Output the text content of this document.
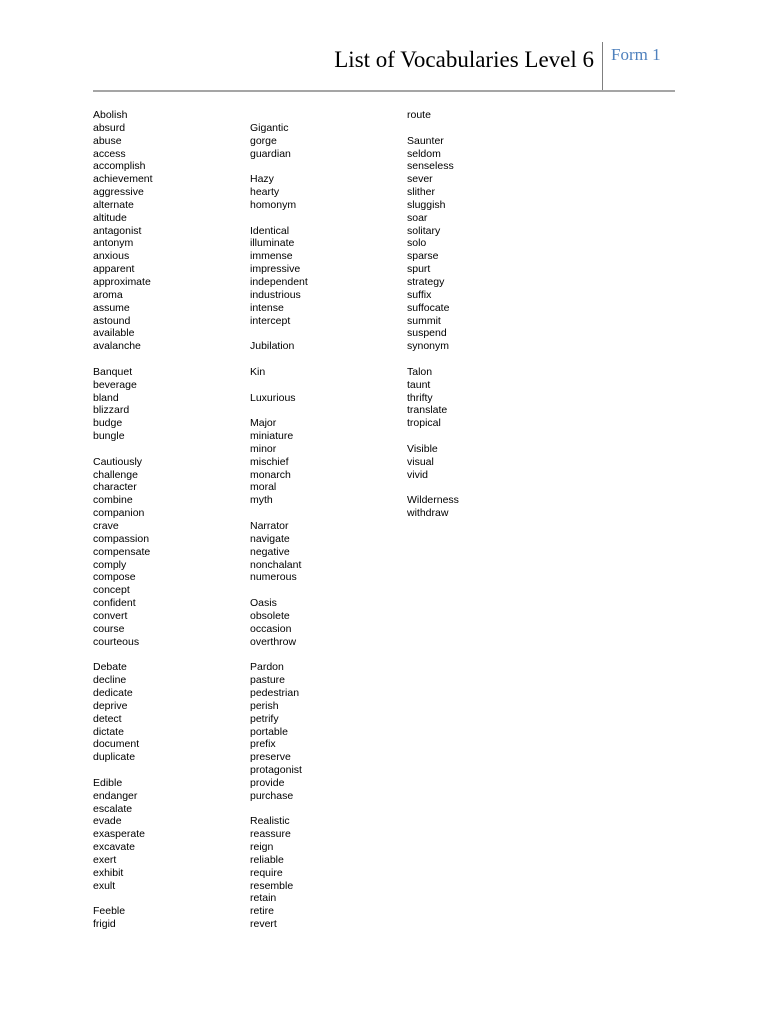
List of Vocabularies Level 6 Form 1
Abolish
absurd
abuse
access
accomplish
achievement
aggressive
alternate
altitude
antagonist
antonym
anxious
apparent
approximate
aroma
assume
astound
available
avalanche
Banquet
beverage
bland
blizzard
budge
bungle
Cautiously
challenge
character
combine
companion
crave
compassion
compensate
comply
compose
concept
confident
convert
course
courteous
Debate
decline
dedicate
deprive
detect
dictate
document
duplicate
Edible
endanger
escalate
evade
exasperate
excavate
exert
exhibit
exult
Feeble
frigid
Gigantic
gorge
guardian
Hazy
hearty
homonym
Identical
illuminate
immense
impressive
independent
industrious
intense
intercept
Jubilation
Kin
Luxurious
Major
miniature
minor
mischief
monarch
moral
myth
Narrator
navigate
negative
nonchalant
numerous
Oasis
obsolete
occasion
overthrow
Pardon
pasture
pedestrian
perish
petrify
portable
prefix
preserve
protagonist
provide
purchase
Realistic
reassure
reign
reliable
require
resemble
retain
retire
revert
route
Saunter
seldom
senseless
sever
slither
sluggish
soar
solitary
solo
sparse
spurt
strategy
suffix
suffocate
summit
suspend
synonym
Talon
taunt
thrifty
translate
tropical
Visible
visual
vivid
Wilderness
withdraw
